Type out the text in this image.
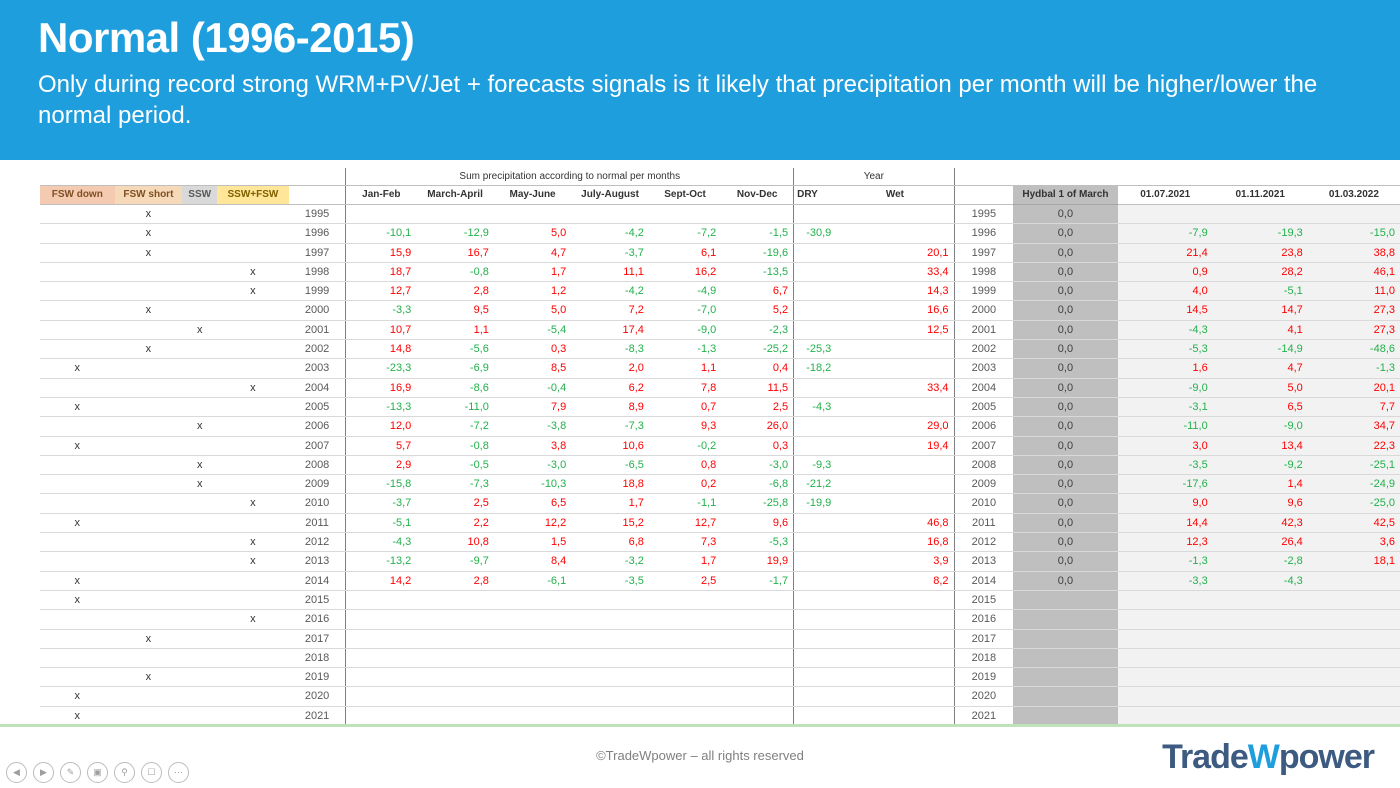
Normal (1996-2015)
Only during record strong WRM+PV/Jet + forecasts signals is it likely that precipitation per month will be higher/lower the normal period.
					Sum precipitation according to normal per months						Year						
FSW down	FSW short	SSW	SSW+FSW		Jan-Feb	March-April	May-June	July-August	Sept-Oct	Nov-Dec	DRY	Wet		Hydbal 1 of March	01.07.2021	01.11.2021	01.03.2022
	x			1995									1995	0,0			
	x			1996	-10,1	-12,9	5,0	-4,2	-7,2	-1,5	-30,9		1996	0,0	-7,9	-19,3	-15,0
	x			1997	15,9	16,7	4,7	-3,7	6,1	-19,6		20,1	1997	0,0	21,4	23,8	38,8
			x	1998	18,7	-0,8	1,7	11,1	16,2	-13,5		33,4	1998	0,0	0,9	28,2	46,1
			x	1999	12,7	2,8	1,2	-4,2	-4,9	6,7		14,3	1999	0,0	4,0	-5,1	11,0
	x			2000	-3,3	9,5	5,0	7,2	-7,0	5,2		16,6	2000	0,0	14,5	14,7	27,3
		x		2001	10,7	1,1	-5,4	17,4	-9,0	-2,3		12,5	2001	0,0	-4,3	4,1	27,3
	x			2002	14,8	-5,6	0,3	-8,3	-1,3	-25,2	-25,3		2002	0,0	-5,3	-14,9	-48,6
x				2003	-23,3	-6,9	8,5	2,0	1,1	0,4	-18,2		2003	0,0	1,6	4,7	-1,3
			x	2004	16,9	-8,6	-0,4	6,2	7,8	11,5		33,4	2004	0,0	-9,0	5,0	20,1
x				2005	-13,3	-11,0	7,9	8,9	0,7	2,5	-4,3		2005	0,0	-3,1	6,5	7,7
		x		2006	12,0	-7,2	-3,8	-7,3	9,3	26,0		29,0	2006	0,0	-11,0	-9,0	34,7
x				2007	5,7	-0,8	3,8	10,6	-0,2	0,3		19,4	2007	0,0	3,0	13,4	22,3
		x		2008	2,9	-0,5	-3,0	-6,5	0,8	-3,0	-9,3		2008	0,0	-3,5	-9,2	-25,1
		x		2009	-15,8	-7,3	-10,3	18,8	0,2	-6,8	-21,2		2009	0,0	-17,6	1,4	-24,9
			x	2010	-3,7	2,5	6,5	1,7	-1,1	-25,8	-19,9		2010	0,0	9,0	9,6	-25,0
x				2011	-5,1	2,2	12,2	15,2	12,7	9,6		46,8	2011	0,0	14,4	42,3	42,5
			x	2012	-4,3	10,8	1,5	6,8	7,3	-5,3		16,8	2012	0,0	12,3	26,4	3,6
			x	2013	-13,2	-9,7	8,4	-3,2	1,7	19,9		3,9	2013	0,0	-1,3	-2,8	18,1
x				2014	14,2	2,8	-6,1	-3,5	2,5	-1,7		8,2	2014	0,0	-3,3	-4,3	
x				2015									2015				
			x	2016									2016				
	x			2017									2017				
				2018									2018				
	x			2019									2019				
x				2020									2020				
x				2021									2021				
©TradeWpower – all rights reserved	TradeWpower
◀	▶	✎	▣	⚲	☐	⋯
